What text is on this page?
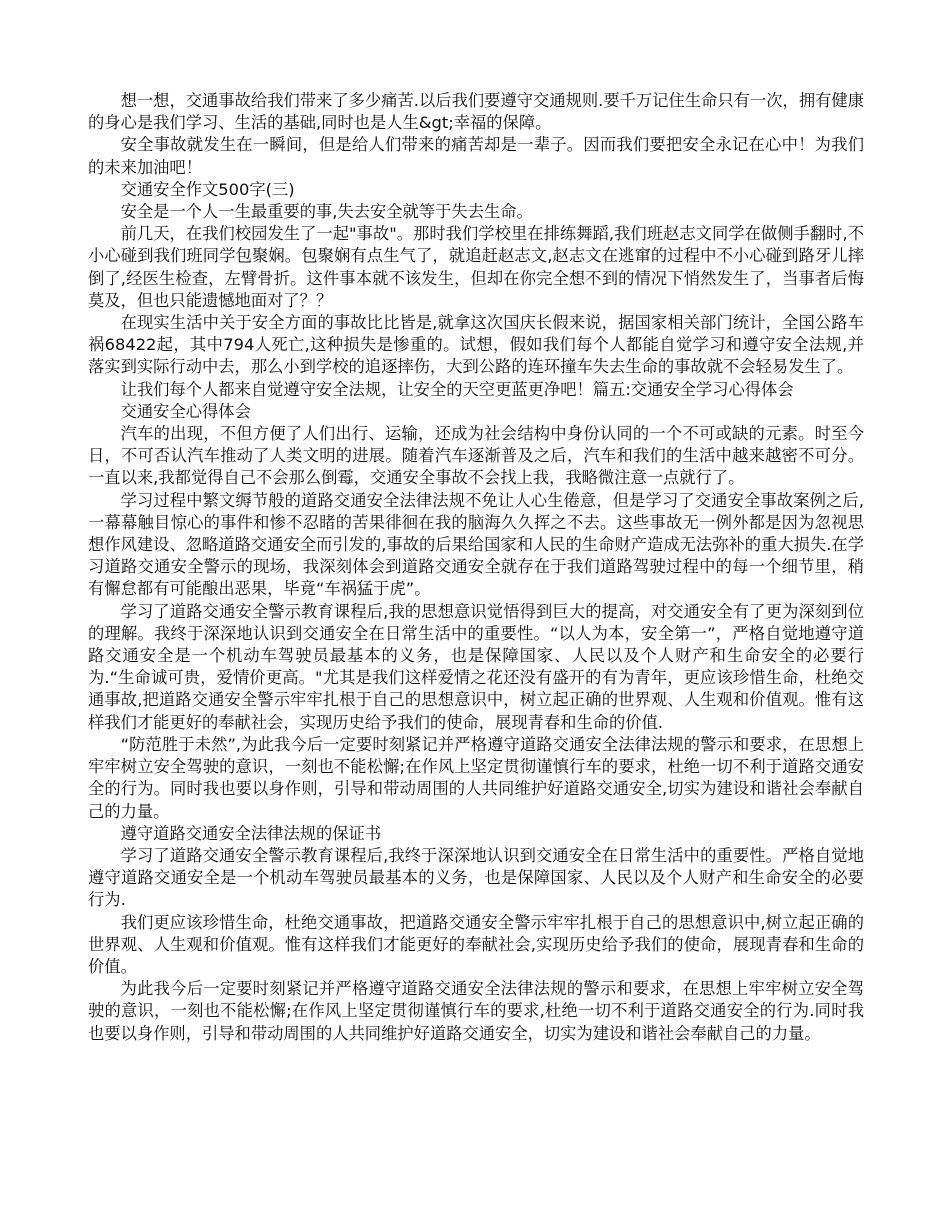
想一想，交通事故给我们带来了多少痛苦.以后我们要遵守交通规则.要千万记住生命只有一次，拥有健康的身心是我们学习、生活的基础,同时也是人生&gt;幸福的保障。

安全事故就发生在一瞬间，但是给人们带来的痛苦却是一辈子。因而我们要把安全永记在心中！为我们的未来加油吧！

交通安全作文500字(三)

安全是一个人一生最重要的事,失去安全就等于失去生命。

前几天，在我们校园发生了一起"事故"。那时我们学校里在排练舞蹈,我们班赵志文同学在做侧手翻时,不小心碰到我们班同学包聚娴。包聚娴有点生气了，就追赶赵志文,赵志文在逃窜的过程中不小心碰到路牙儿摔倒了,经医生检查，左臂骨折。这件事本就不该发生，但却在你完全想不到的情况下悄然发生了，当事者后悔莫及，但也只能遗憾地面对了？？

在现实生活中关于安全方面的事故比比皆是,就拿这次国庆长假来说，据国家相关部门统计，全国公路车祸68422起，其中794人死亡,这种损失是惨重的。试想，假如我们每个人都能自觉学习和遵守安全法规,并落实到实际行动中去，那么小到学校的追逐摔伤，大到公路的连环撞车失去生命的事故就不会轻易发生了。

让我们每个人都来自觉遵守安全法规，让安全的天空更蓝更净吧！篇五:交通安全学习心得体会

交通安全心得体会

汽车的出现，不但方便了人们出行、运输，还成为社会结构中身份认同的一个不可或缺的元素。时至今日，不可否认汽车推动了人类文明的进展。随着汽车逐渐普及之后，汽车和我们的生活中越来越密不可分。一直以来,我都觉得自己不会那么倒霉，交通安全事故不会找上我，我略微注意一点就行了。

学习过程中繁文缛节般的道路交通安全法律法规不免让人心生倦意，但是学习了交通安全事故案例之后,一幕幕触目惊心的事件和惨不忍睹的苦果徘徊在我的脑海久久挥之不去。这些事故无一例外都是因为忽视思想作风建设、忽略道路交通安全而引发的,事故的后果给国家和人民的生命财产造成无法弥补的重大损失.在学习道路交通安全警示的现场，我深刻体会到道路交通安全就存在于我们道路驾驶过程中的每一个细节里，稍有懈怠都有可能酿出恶果，毕竟“车祸猛于虎”。

学习了道路交通安全警示教育课程后,我的思想意识觉悟得到巨大的提高，对交通安全有了更为深刻到位的理解。我终于深深地认识到交通安全在日常生活中的重要性。“以人为本，安全第一”，严格自觉地遵守道路交通安全是一个机动车驾驶员最基本的义务，也是保障国家、人民以及个人财产和生命安全的必要行为.“生命诚可贵，爱情价更高。"尤其是我们这样爱情之花还没有盛开的有为青年，更应该珍惜生命，杜绝交通事故,把道路交通安全警示牢牢扎根于自己的思想意识中，树立起正确的世界观、人生观和价值观。惟有这样我们才能更好的奉献社会，实现历史给予我们的使命，展现青春和生命的价值.

“防范胜于未然”,为此我今后一定要时刻紧记并严格遵守道路交通安全法律法规的警示和要求，在思想上牢牢树立安全驾驶的意识，一刻也不能松懈;在作风上坚定贯彻谨慎行车的要求，杜绝一切不利于道路交通安全的行为。同时我也要以身作则，引导和带动周围的人共同维护好道路交通安全,切实为建设和谐社会奉献自己的力量。

遵守道路交通安全法律法规的保证书

学习了道路交通安全警示教育课程后,我终于深深地认识到交通安全在日常生活中的重要性。严格自觉地遵守道路交通安全是一个机动车驾驶员最基本的义务，也是保障国家、人民以及个人财产和生命安全的必要行为.

我们更应该珍惜生命，杜绝交通事故，把道路交通安全警示牢牢扎根于自己的思想意识中,树立起正确的世界观、人生观和价值观。惟有这样我们才能更好的奉献社会,实现历史给予我们的使命，展现青春和生命的价值。

为此我今后一定要时刻紧记并严格遵守道路交通安全法律法规的警示和要求，在思想上牢牢树立安全驾驶的意识，一刻也不能松懈;在作风上坚定贯彻谨慎行车的要求,杜绝一切不利于道路交通安全的行为.同时我也要以身作则，引导和带动周围的人共同维护好道路交通安全，切实为建设和谐社会奉献自己的力量。
